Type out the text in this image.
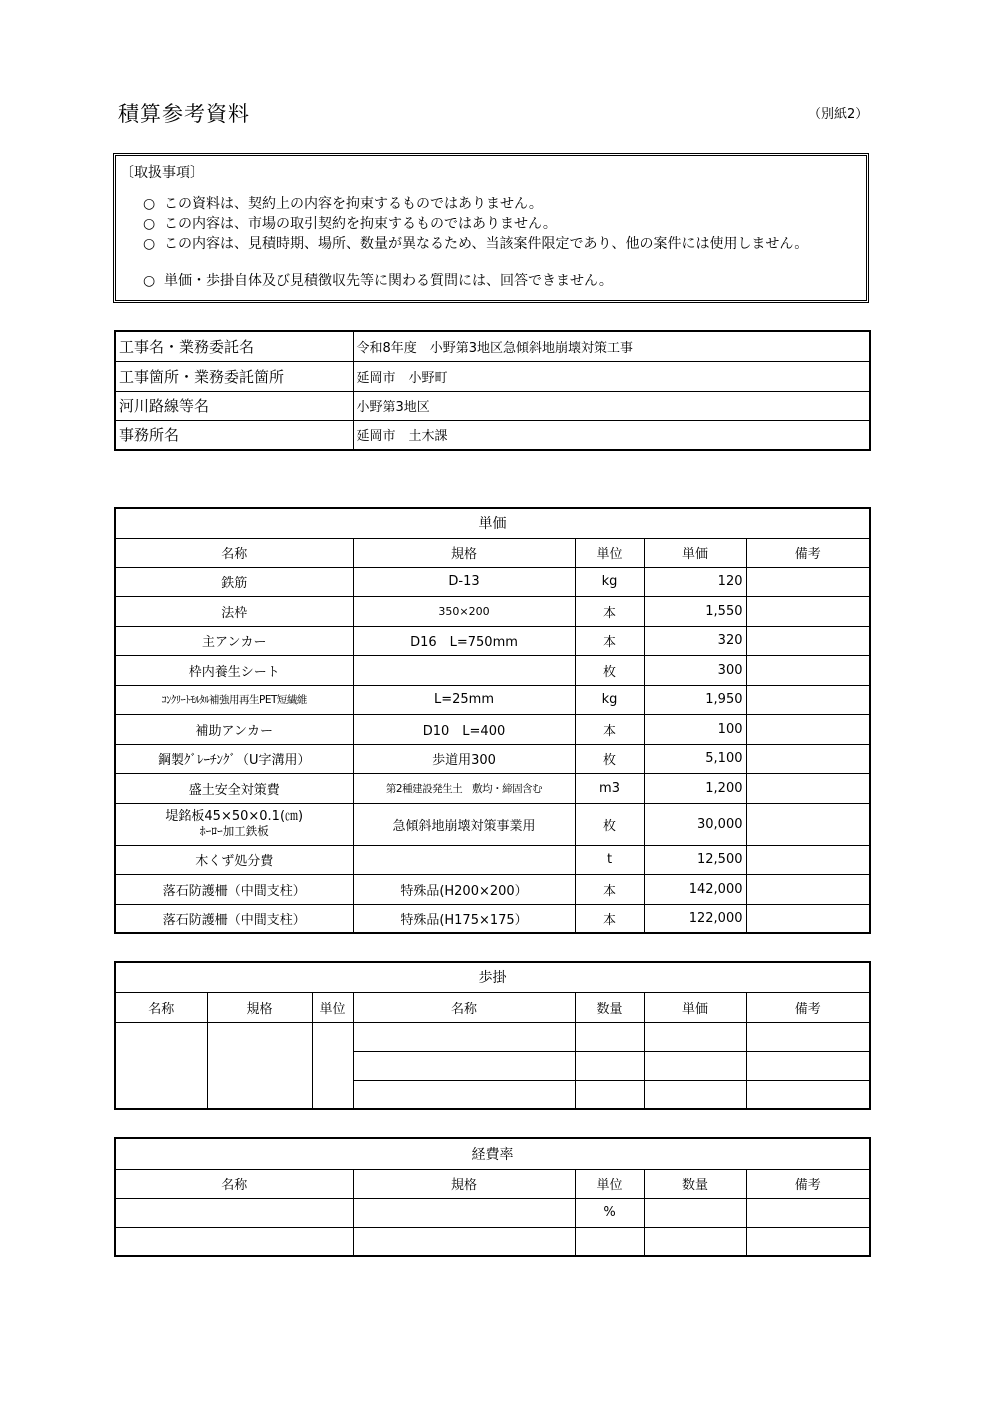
積算参考資料	（別紙2）
〔取扱事項〕
○ この資料は、契約上の内容を拘束するものではありません。
○ この内容は、市場の取引契約を拘束するものではありません。
○ この内容は、見積時期、場所、数量が異なるため、当該案件限定であり、他の案件には使用しません。
○ 単価・歩掛自体及び見積徴収先等に関わる質問には、回答できません。
工事名・業務委託名	令和8年度　小野第3地区急傾斜地崩壊対策工事
工事箇所・業務委託箇所	延岡市　小野町
河川路線等名	小野第3地区
事務所名	延岡市　土木課
単価				
名称	規格	単位	単価	備考
鉄筋	D-13	kg	120	
法枠	350×200	本	1,550	
主アンカー	D16　L=750mm	本	320	
枠内養生シート		枚	300	
ｺﾝｸﾘｰﾄﾓﾙﾀﾙ補強用再生PET短繊維	L=25mm	kg	1,950	
補助アンカー	D10　L=400	本	100	
鋼製ｸﾞﾚｰﾁﾝｸﾞ（U字溝用）	歩道用300	枚	5,100	
盛土安全対策費	第2種建設発生土　敷均・締固含む	m3	1,200	

堤銘板45×50×0.1(㎝)
ﾎｰﾛｰ加工鉄板	急傾斜地崩壊対策事業用	枚	30,000	
木くず処分費		t	12,500	
落石防護柵（中間支柱）	特殊品(H200×200）	本	142,000	
落石防護柵（中間支柱）	特殊品(H175×175）	本	122,000	
歩掛						
名称	規格	単位	名称	数量	単価	備考

経費率				
名称	規格	単位	数量	備考
		%		
